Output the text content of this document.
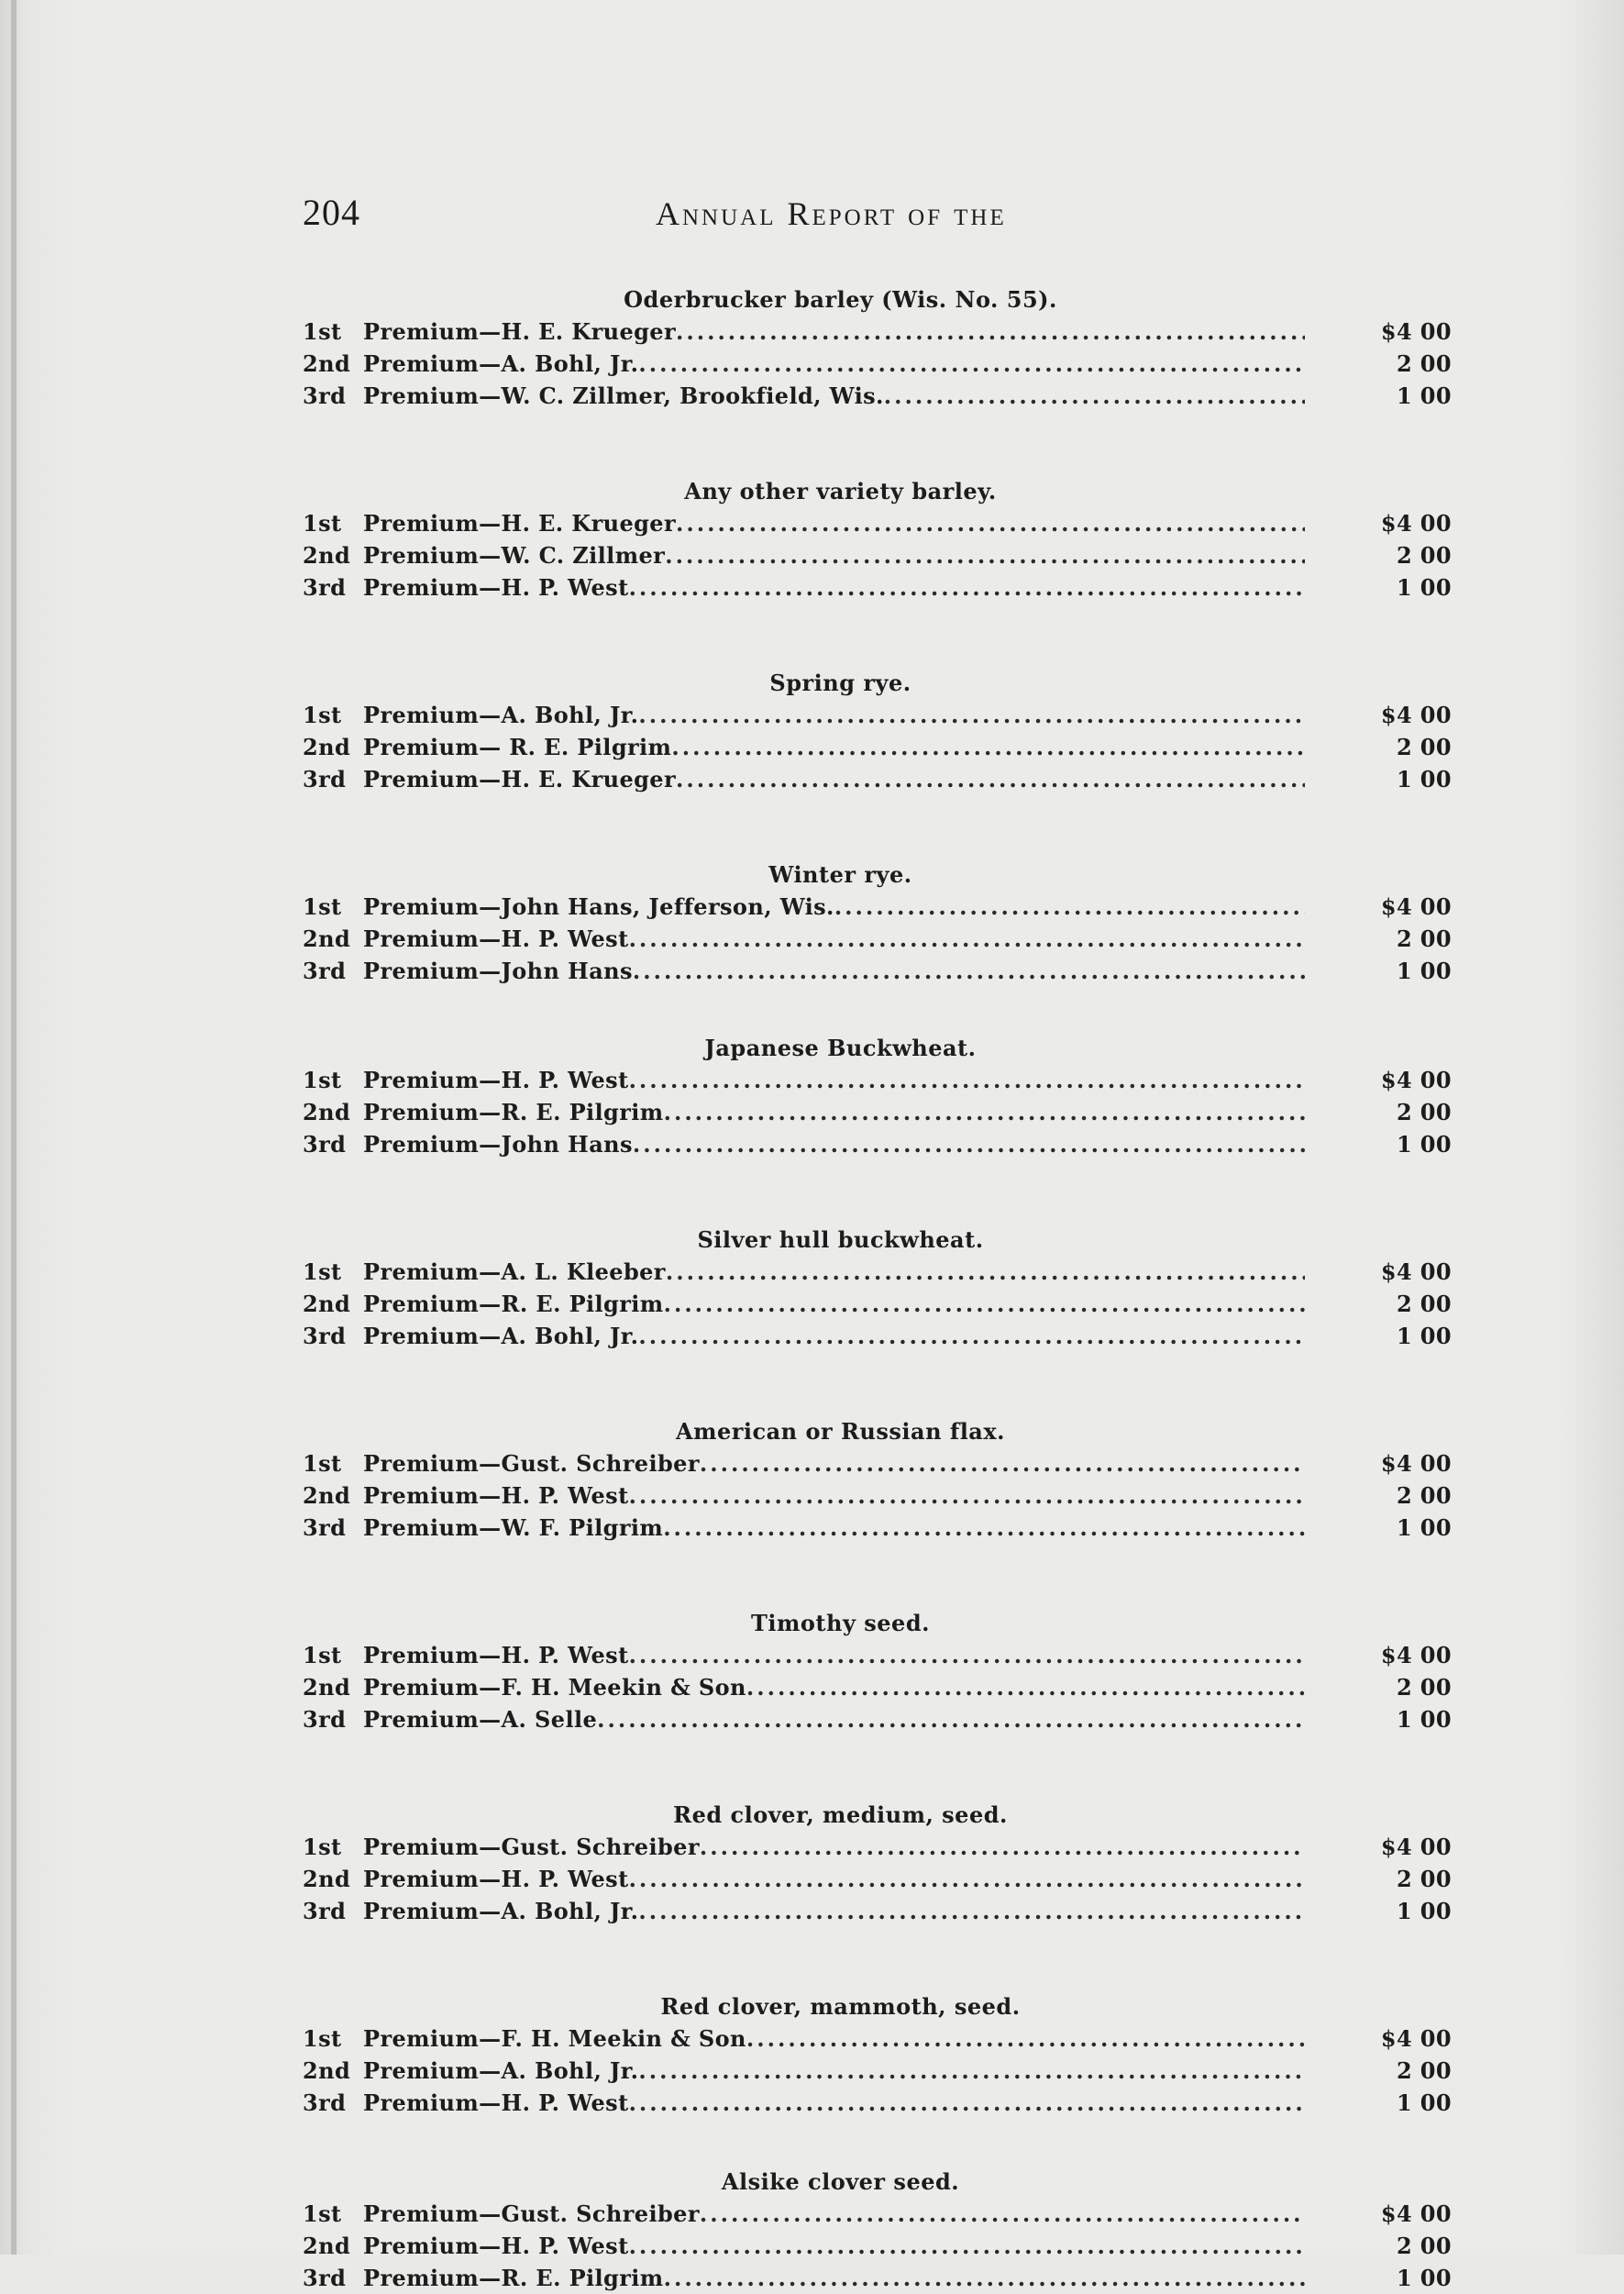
204	Annual Report of the
Oderbrucker barley (Wis. No. 55).
1st Premium—H. E. Krueger .....	$4 00
2nd Premium—A. Bohl, Jr. .....	2 00
3rd Premium—W. C. Zillmer, Brookfield, Wis. .....	1 00
Any other variety barley.
1st Premium—H. E. Krueger .....	$4 00
2nd Premium—W. C. Zillmer .....	2 00
3rd Premium—H. P. West .....	1 00
Spring rye.
1st Premium—A. Bohl, Jr. .....	$4 00
2nd Premium— R. E. Pilgrim .....	2 00
3rd Premium—H. E. Krueger .....	1 00
Winter rye.
1st Premium—John Hans, Jefferson, Wis. .....	$4 00
2nd Premium—H. P. West .....	2 00
3rd Premium—John Hans .....	1 00
Japanese Buckwheat.
1st Premium—H. P. West .....	$4 00
2nd Premium—R. E. Pilgrim .....	2 00
3rd Premium—John Hans .....	1 00
Silver hull buckwheat.
1st Premium—A. L. Kleeber .....	$4 00
2nd Premium—R. E. Pilgrim .....	2 00
3rd Premium—A. Bohl, Jr. .....	1 00
American or Russian flax.
1st Premium—Gust. Schreiber .....	$4 00
2nd Premium—H. P. West .....	2 00
3rd Premium—W. F. Pilgrim .....	1 00
Timothy seed.
1st Premium—H. P. West .....	$4 00
2nd Premium—F. H. Meekin & Son .....	2 00
3rd Premium—A. Selle .....	1 00
Red clover, medium, seed.
1st Premium—Gust. Schreiber .....	$4 00
2nd Premium—H. P. West .....	2 00
3rd Premium—A. Bohl, Jr. .....	1 00
Red clover, mammoth, seed.
1st Premium—F. H. Meekin & Son .....	$4 00
2nd Premium—A. Bohl, Jr. .....	2 00
3rd Premium—H. P. West .....	1 00
Alsike clover seed.
1st Premium—Gust. Schreiber .....	$4 00
2nd Premium—H. P. West .....	2 00
3rd Premium—R. E. Pilgrim .....	1 00
